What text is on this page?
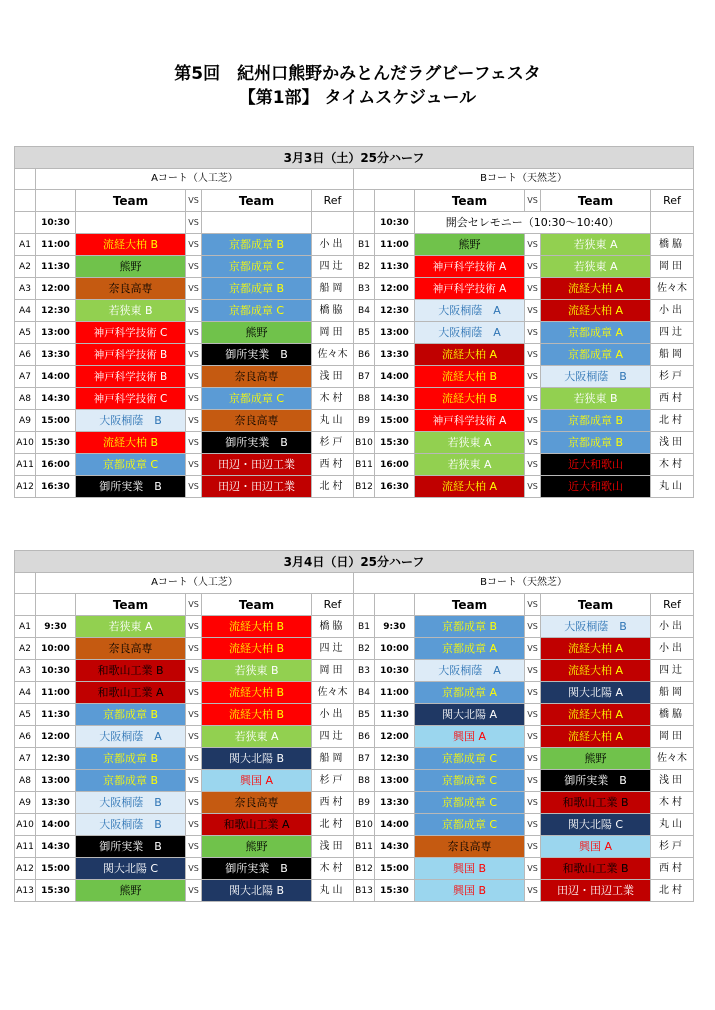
第5回　紀州口熊野かみとんだラグビーフェスタ
【第1部】 タイムスケジュール
3月3日（土）25分ハーフ											
	Aコート（人工芝）					Bコート（天然芝）					
		Team	VS	Team	Ref			Team	VS	Team	Ref
	10:30		VS				10:30	開会セレモニー（10:30～10:40）			
A1	11:00	流経大柏 B	VS	京都成章 B	小出	B1	11:00	熊野	VS	若狭東 A	橋脇
A2	11:30	熊野	VS	京都成章 C	四辻	B2	11:30	神戸科学技術 A	VS	若狭東 A	岡田
A3	12:00	奈良高専	VS	京都成章 B	船岡	B3	12:00	神戸科学技術 A	VS	流経大柏 A	佐々木
A4	12:30	若狭東 B	VS	京都成章 C	橋脇	B4	12:30	大阪桐蔭　A	VS	流経大柏 A	小出
A5	13:00	神戸科学技術 C	VS	熊野	岡田	B5	13:00	大阪桐蔭　A	VS	京都成章 A	四辻
A6	13:30	神戸科学技術 B	VS	御所実業　B	佐々木	B6	13:30	流経大柏 A	VS	京都成章 A	船岡
A7	14:00	神戸科学技術 B	VS	奈良高専	浅田	B7	14:00	流経大柏 B	VS	大阪桐蔭　B	杉戸
A8	14:30	神戸科学技術 C	VS	京都成章 C	木村	B8	14:30	流経大柏 B	VS	若狭東 B	西村
A9	15:00	大阪桐蔭　B	VS	奈良高専	丸山	B9	15:00	神戸科学技術 A	VS	京都成章 B	北村
A10	15:30	流経大柏 B	VS	御所実業　B	杉戸	B10	15:30	若狭東 A	VS	京都成章 B	浅田
A11	16:00	京都成章 C	VS	田辺・田辺工業	西村	B11	16:00	若狭東 A	VS	近大和歌山	木村
A12	16:30	御所実業　B	VS	田辺・田辺工業	北村	B12	16:30	流経大柏 A	VS	近大和歌山	丸山
3月4日（日）25分ハーフ											
	Aコート（人工芝）					Bコート（天然芝）					
		Team	VS	Team	Ref			Team	VS	Team	Ref
A1	9:30	若狭東 A	VS	流経大柏 B	橋脇	B1	9:30	京都成章 B	VS	大阪桐蔭　B	小出
A2	10:00	奈良高専	VS	流経大柏 B	四辻	B2	10:00	京都成章 A	VS	流経大柏 A	小出
A3	10:30	和歌山工業 B	VS	若狭東 B	岡田	B3	10:30	大阪桐蔭　A	VS	流経大柏 A	四辻
A4	11:00	和歌山工業 A	VS	流経大柏 B	佐々木	B4	11:00	京都成章 A	VS	関大北陽 A	船岡
A5	11:30	京都成章 B	VS	流経大柏 B	小出	B5	11:30	関大北陽 A	VS	流経大柏 A	橋脇
A6	12:00	大阪桐蔭　A	VS	若狭東 A	四辻	B6	12:00	興国 A	VS	流経大柏 A	岡田
A7	12:30	京都成章 B	VS	関大北陽 B	船岡	B7	12:30	京都成章 C	VS	熊野	佐々木
A8	13:00	京都成章 B	VS	興国 A	杉戸	B8	13:00	京都成章 C	VS	御所実業　B	浅田
A9	13:30	大阪桐蔭　B	VS	奈良高専	西村	B9	13:30	京都成章 C	VS	和歌山工業 B	木村
A10	14:00	大阪桐蔭　B	VS	和歌山工業 A	北村	B10	14:00	京都成章 C	VS	関大北陽 C	丸山
A11	14:30	御所実業　B	VS	熊野	浅田	B11	14:30	奈良高専	VS	興国 A	杉戸
A12	15:00	関大北陽 C	VS	御所実業　B	木村	B12	15:00	興国 B	VS	和歌山工業 B	西村
A13	15:30	熊野	VS	関大北陽 B	丸山	B13	15:30	興国 B	VS	田辺・田辺工業	北村
